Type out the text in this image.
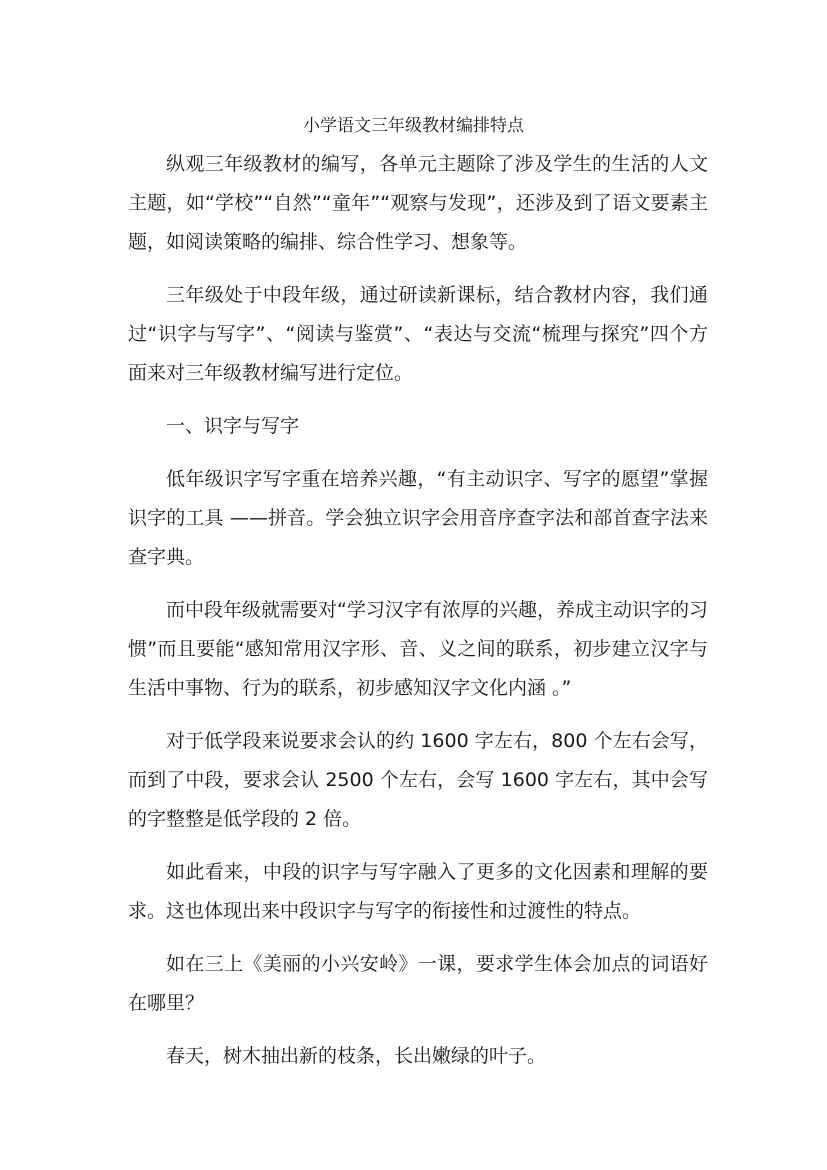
小学语文三年级教材编排特点

纵观三年级教材的编写，各单元主题除了涉及学生的生活的人文主题，如“学校”“自然”“童年”“观察与发现”，还涉及到了语文要素主题，如阅读策略的编排、综合性学习、想象等。

三年级处于中段年级，通过研读新课标，结合教材内容，我们通过“识字与写字”、“阅读与鉴赏”、“表达与交流“梳理与探究”四个方面来对三年级教材编写进行定位。

一、识字与写字

低年级识字写字重在培养兴趣，“有主动识字、写字的愿望”掌握识字的工具 ——拼音。学会独立识字会用音序查字法和部首查字法来查字典。

而中段年级就需要对“学习汉字有浓厚的兴趣，养成主动识字的习惯”而且要能“感知常用汉字形、音、义之间的联系，初步建立汉字与生活中事物、行为的联系，初步感知汉字文化内涵 。”

对于低学段来说要求会认的约 1600 字左右，800 个左右会写，而到了中段，要求会认 2500 个左右，会写 1600 字左右，其中会写的字整整是低学段的 2 倍。

如此看来，中段的识字与写字融入了更多的文化因素和理解的要求。这也体现出来中段识字与写字的衔接性和过渡性的特点。

如在三上《美丽的小兴安岭》一课，要求学生体会加点的词语好在哪里？

春天，树木抽出新的枝条，长出嫩绿的叶子。
